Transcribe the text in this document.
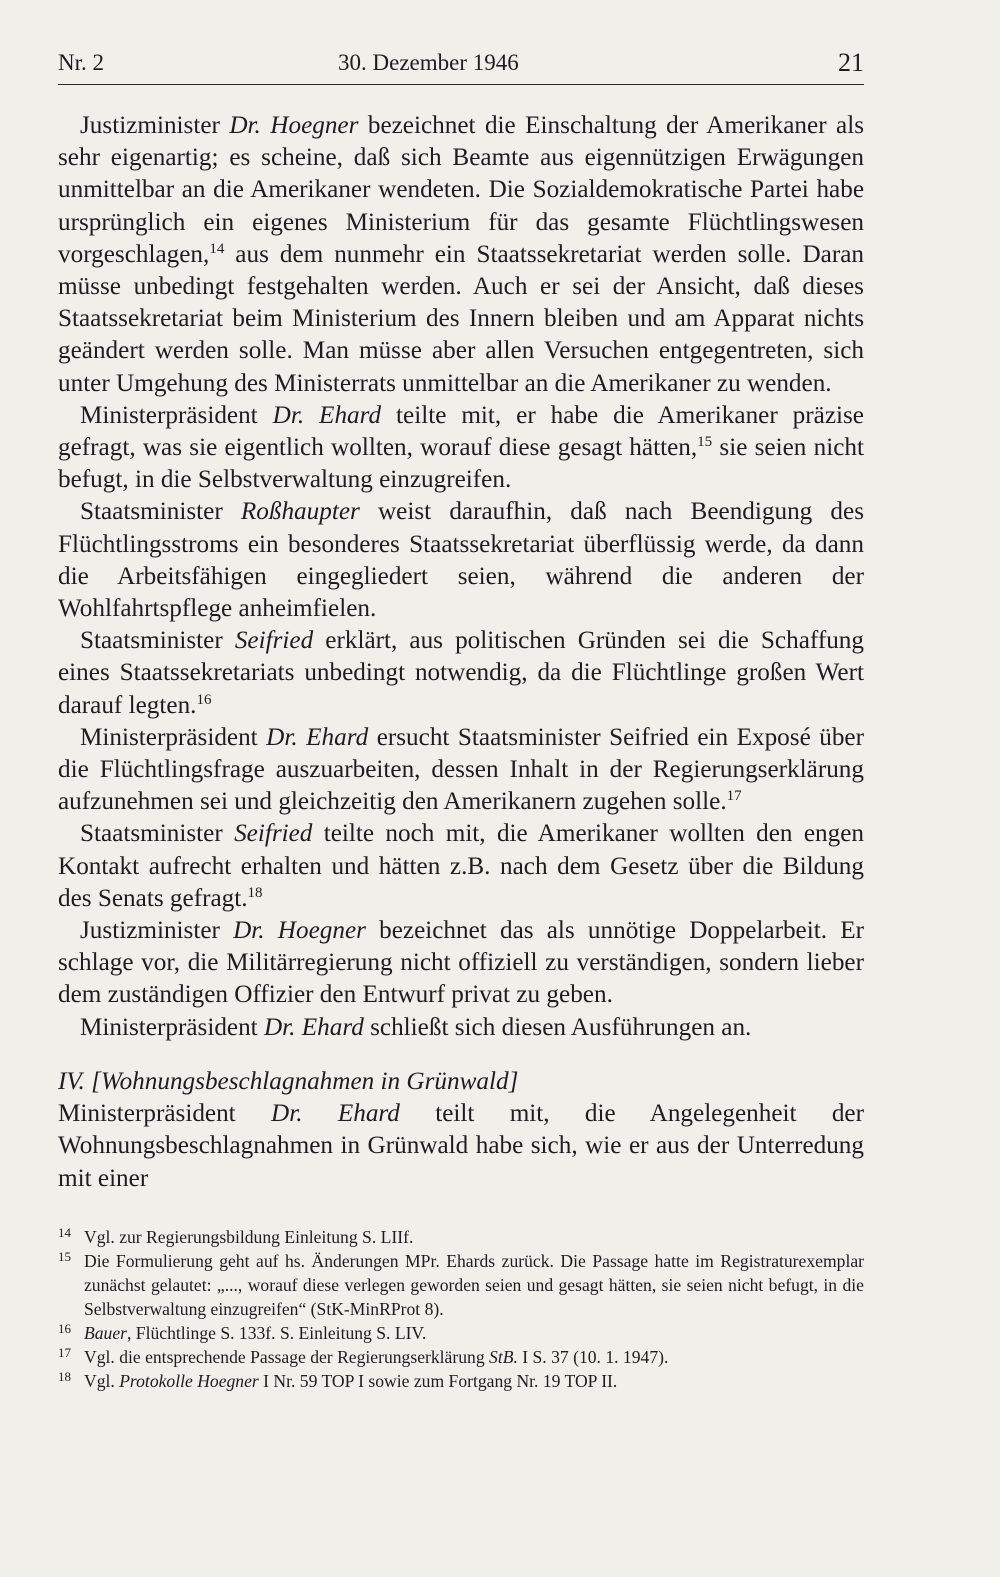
Nr. 2	30. Dezember 1946	21

Justizminister Dr. Hoegner bezeichnet die Einschaltung der Amerikaner als sehr eigenartig; es scheine, daß sich Beamte aus eigennützigen Erwägungen unmittelbar an die Amerikaner wendeten. Die Sozialdemokratische Partei habe ursprünglich ein eigenes Ministerium für das gesamte Flüchtlingswesen vorgeschlagen,$^{14}$ aus dem nunmehr ein Staatssekretariat werden solle. Daran müsse unbedingt festgehalten werden. Auch er sei der Ansicht, daß dieses Staatssekretariat beim Ministerium des Innern bleiben und am Apparat nichts geändert werden solle. Man müsse aber allen Versuchen entgegentreten, sich unter Umgehung des Ministerrats unmittelbar an die Amerikaner zu wenden.

Ministerpräsident Dr. Ehard teilte mit, er habe die Amerikaner präzise gefragt, was sie eigentlich wollten, worauf diese gesagt hätten,$^{15}$ sie seien nicht befugt, in die Selbstverwaltung einzugreifen.

Staatsminister Roßhaupter weist daraufhin, daß nach Beendigung des Flüchtlingsstroms ein besonderes Staatssekretariat überflüssig werde, da dann die Arbeitsfähigen eingegliedert seien, während die anderen der Wohlfahrtspflege anheimfielen.

Staatsminister Seifried erklärt, aus politischen Gründen sei die Schaffung eines Staatssekretariats unbedingt notwendig, da die Flüchtlinge großen Wert darauf legten.$^{16}$

Ministerpräsident Dr. Ehard ersucht Staatsminister Seifried ein Exposé über die Flüchtlingsfrage auszuarbeiten, dessen Inhalt in der Regierungserklärung aufzunehmen sei und gleichzeitig den Amerikanern zugehen solle.$^{17}$

Staatsminister Seifried teilte noch mit, die Amerikaner wollten den engen Kontakt aufrecht erhalten und hätten z.B. nach dem Gesetz über die Bildung des Senats gefragt.$^{18}$

Justizminister Dr. Hoegner bezeichnet das als unnötige Doppelarbeit. Er schlage vor, die Militärregierung nicht offiziell zu verständigen, sondern lieber dem zuständigen Offizier den Entwurf privat zu geben.

Ministerpräsident Dr. Ehard schließt sich diesen Ausführungen an.

IV. [Wohnungsbeschlagnahmen in Grünwald]

Ministerpräsident Dr. Ehard teilt mit, die Angelegenheit der Wohnungsbeschlagnahmen in Grünwald habe sich, wie er aus der Unterredung mit einer

14 Vgl. zur Regierungsbildung Einleitung S. LIIf.
15 Die Formulierung geht auf hs. Änderungen MPr. Ehards zurück. Die Passage hatte im Registraturexemplar zunächst gelautet: „..., worauf diese verlegen geworden seien und gesagt hätten, sie seien nicht befugt, in die Selbstverwaltung einzugreifen“ (StK-MinRProt 8).
16 Bauer, Flüchtlinge S. 133f. S. Einleitung S. LIV.
17 Vgl. die entsprechende Passage der Regierungserklärung StB. I S. 37 (10. 1. 1947).
18 Vgl. Protokolle Hoegner I Nr. 59 TOP I sowie zum Fortgang Nr. 19 TOP II.
